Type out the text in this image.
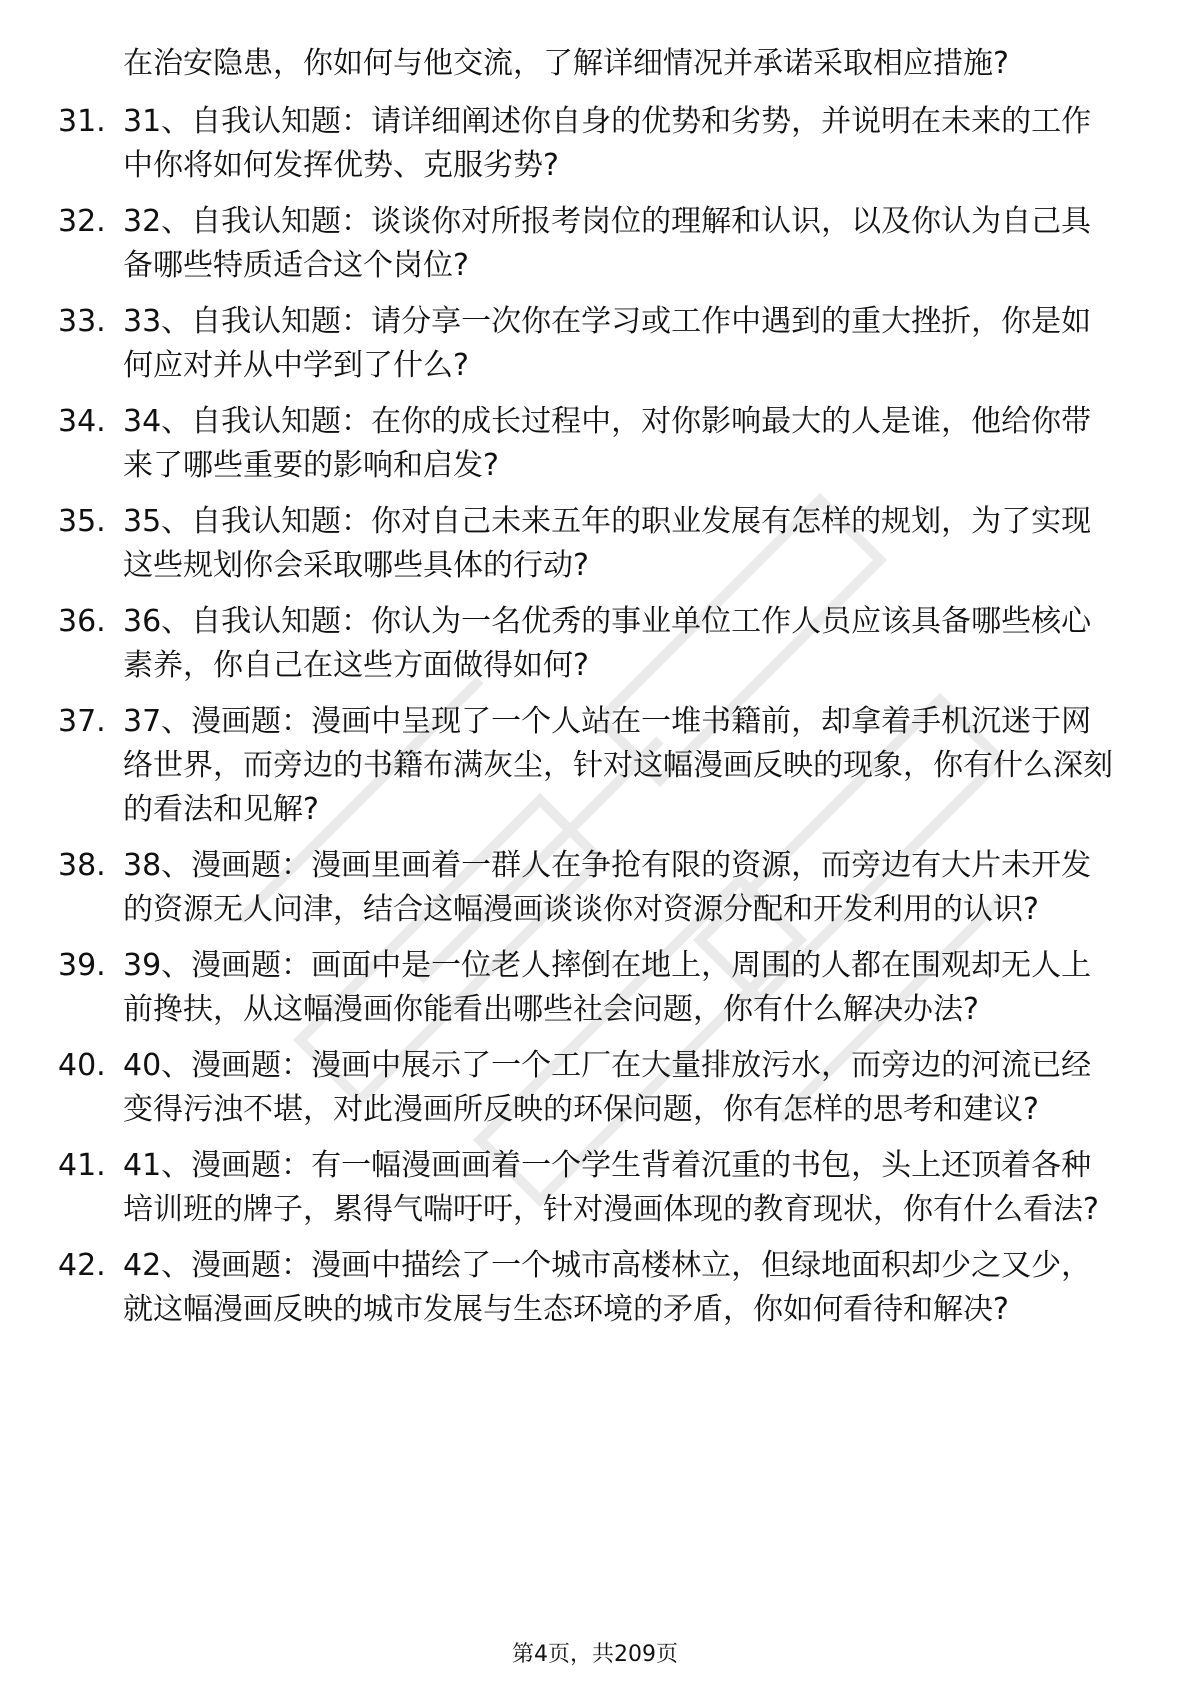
在治安隐患，你如何与他交流，了解详细情况并承诺采取相应措施?
31. 31、自我认知题：请详细阐述你自身的优势和劣势，并说明在未来的工作中你将如何发挥优势、克服劣势?
32. 32、自我认知题：谈谈你对所报考岗位的理解和认识，以及你认为自己具备哪些特质适合这个岗位?
33. 33、自我认知题：请分享一次你在学习或工作中遇到的重大挫折，你是如何应对并从中学到了什么?
34. 34、自我认知题：在你的成长过程中，对你影响最大的人是谁，他给你带来了哪些重要的影响和启发?
35. 35、自我认知题：你对自己未来五年的职业发展有怎样的规划，为了实现这些规划你会采取哪些具体的行动?
36. 36、自我认知题：你认为一名优秀的事业单位工作人员应该具备哪些核心素养，你自己在这些方面做得如何?
37. 37、漫画题：漫画中呈现了一个人站在一堆书籍前，却拿着手机沉迷于网络世界，而旁边的书籍布满灰尘，针对这幅漫画反映的现象，你有什么深刻的看法和见解?
38. 38、漫画题：漫画里画着一群人在争抢有限的资源，而旁边有大片未开发的资源无人问津，结合这幅漫画谈谈你对资源分配和开发利用的认识?
39. 39、漫画题：画面中是一位老人摔倒在地上，周围的人都在围观却无人上前搀扶，从这幅漫画你能看出哪些社会问题，你有什么解决办法?
40. 40、漫画题：漫画中展示了一个工厂在大量排放污水，而旁边的河流已经变得污浊不堪，对此漫画所反映的环保问题，你有怎样的思考和建议?
41. 41、漫画题：有一幅漫画画着一个学生背着沉重的书包，头上还顶着各种培训班的牌子，累得气喘吁吁，针对漫画体现的教育现状，你有什么看法?
42. 42、漫画题：漫画中描绘了一个城市高楼林立，但绿地面积却少之又少，就这幅漫画反映的城市发展与生态环境的矛盾，你如何看待和解决?
第4页，共209页
